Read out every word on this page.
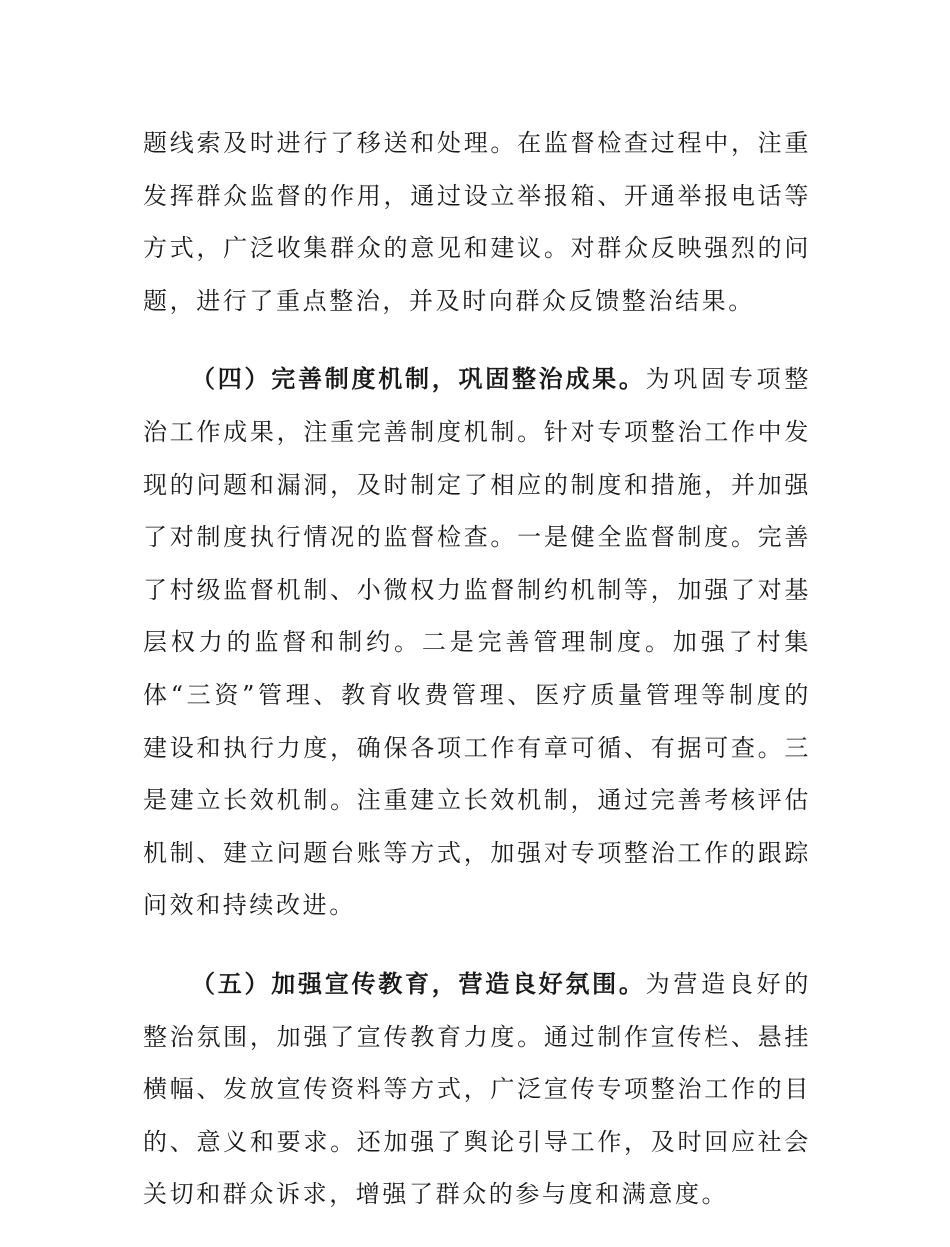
题线索及时进行了移送和处理。在监督检查过程中，注重发挥群众监督的作用，通过设立举报箱、开通举报电话等方式，广泛收集群众的意见和建议。对群众反映强烈的问题，进行了重点整治，并及时向群众反馈整治结果。

（四）完善制度机制，巩固整治成果。为巩固专项整治工作成果，注重完善制度机制。针对专项整治工作中发现的问题和漏洞，及时制定了相应的制度和措施，并加强了对制度执行情况的监督检查。一是健全监督制度。完善了村级监督机制、小微权力监督制约机制等，加强了对基层权力的监督和制约。二是完善管理制度。加强了村集体“三资”管理、教育收费管理、医疗质量管理等制度的建设和执行力度，确保各项工作有章可循、有据可查。三是建立长效机制。注重建立长效机制，通过完善考核评估机制、建立问题台账等方式，加强对专项整治工作的跟踪问效和持续改进。

（五）加强宣传教育，营造良好氛围。为营造良好的整治氛围，加强了宣传教育力度。通过制作宣传栏、悬挂横幅、发放宣传资料等方式，广泛宣传专项整治工作的目的、意义和要求。还加强了舆论引导工作，及时回应社会关切和群众诉求，增强了群众的参与度和满意度。
